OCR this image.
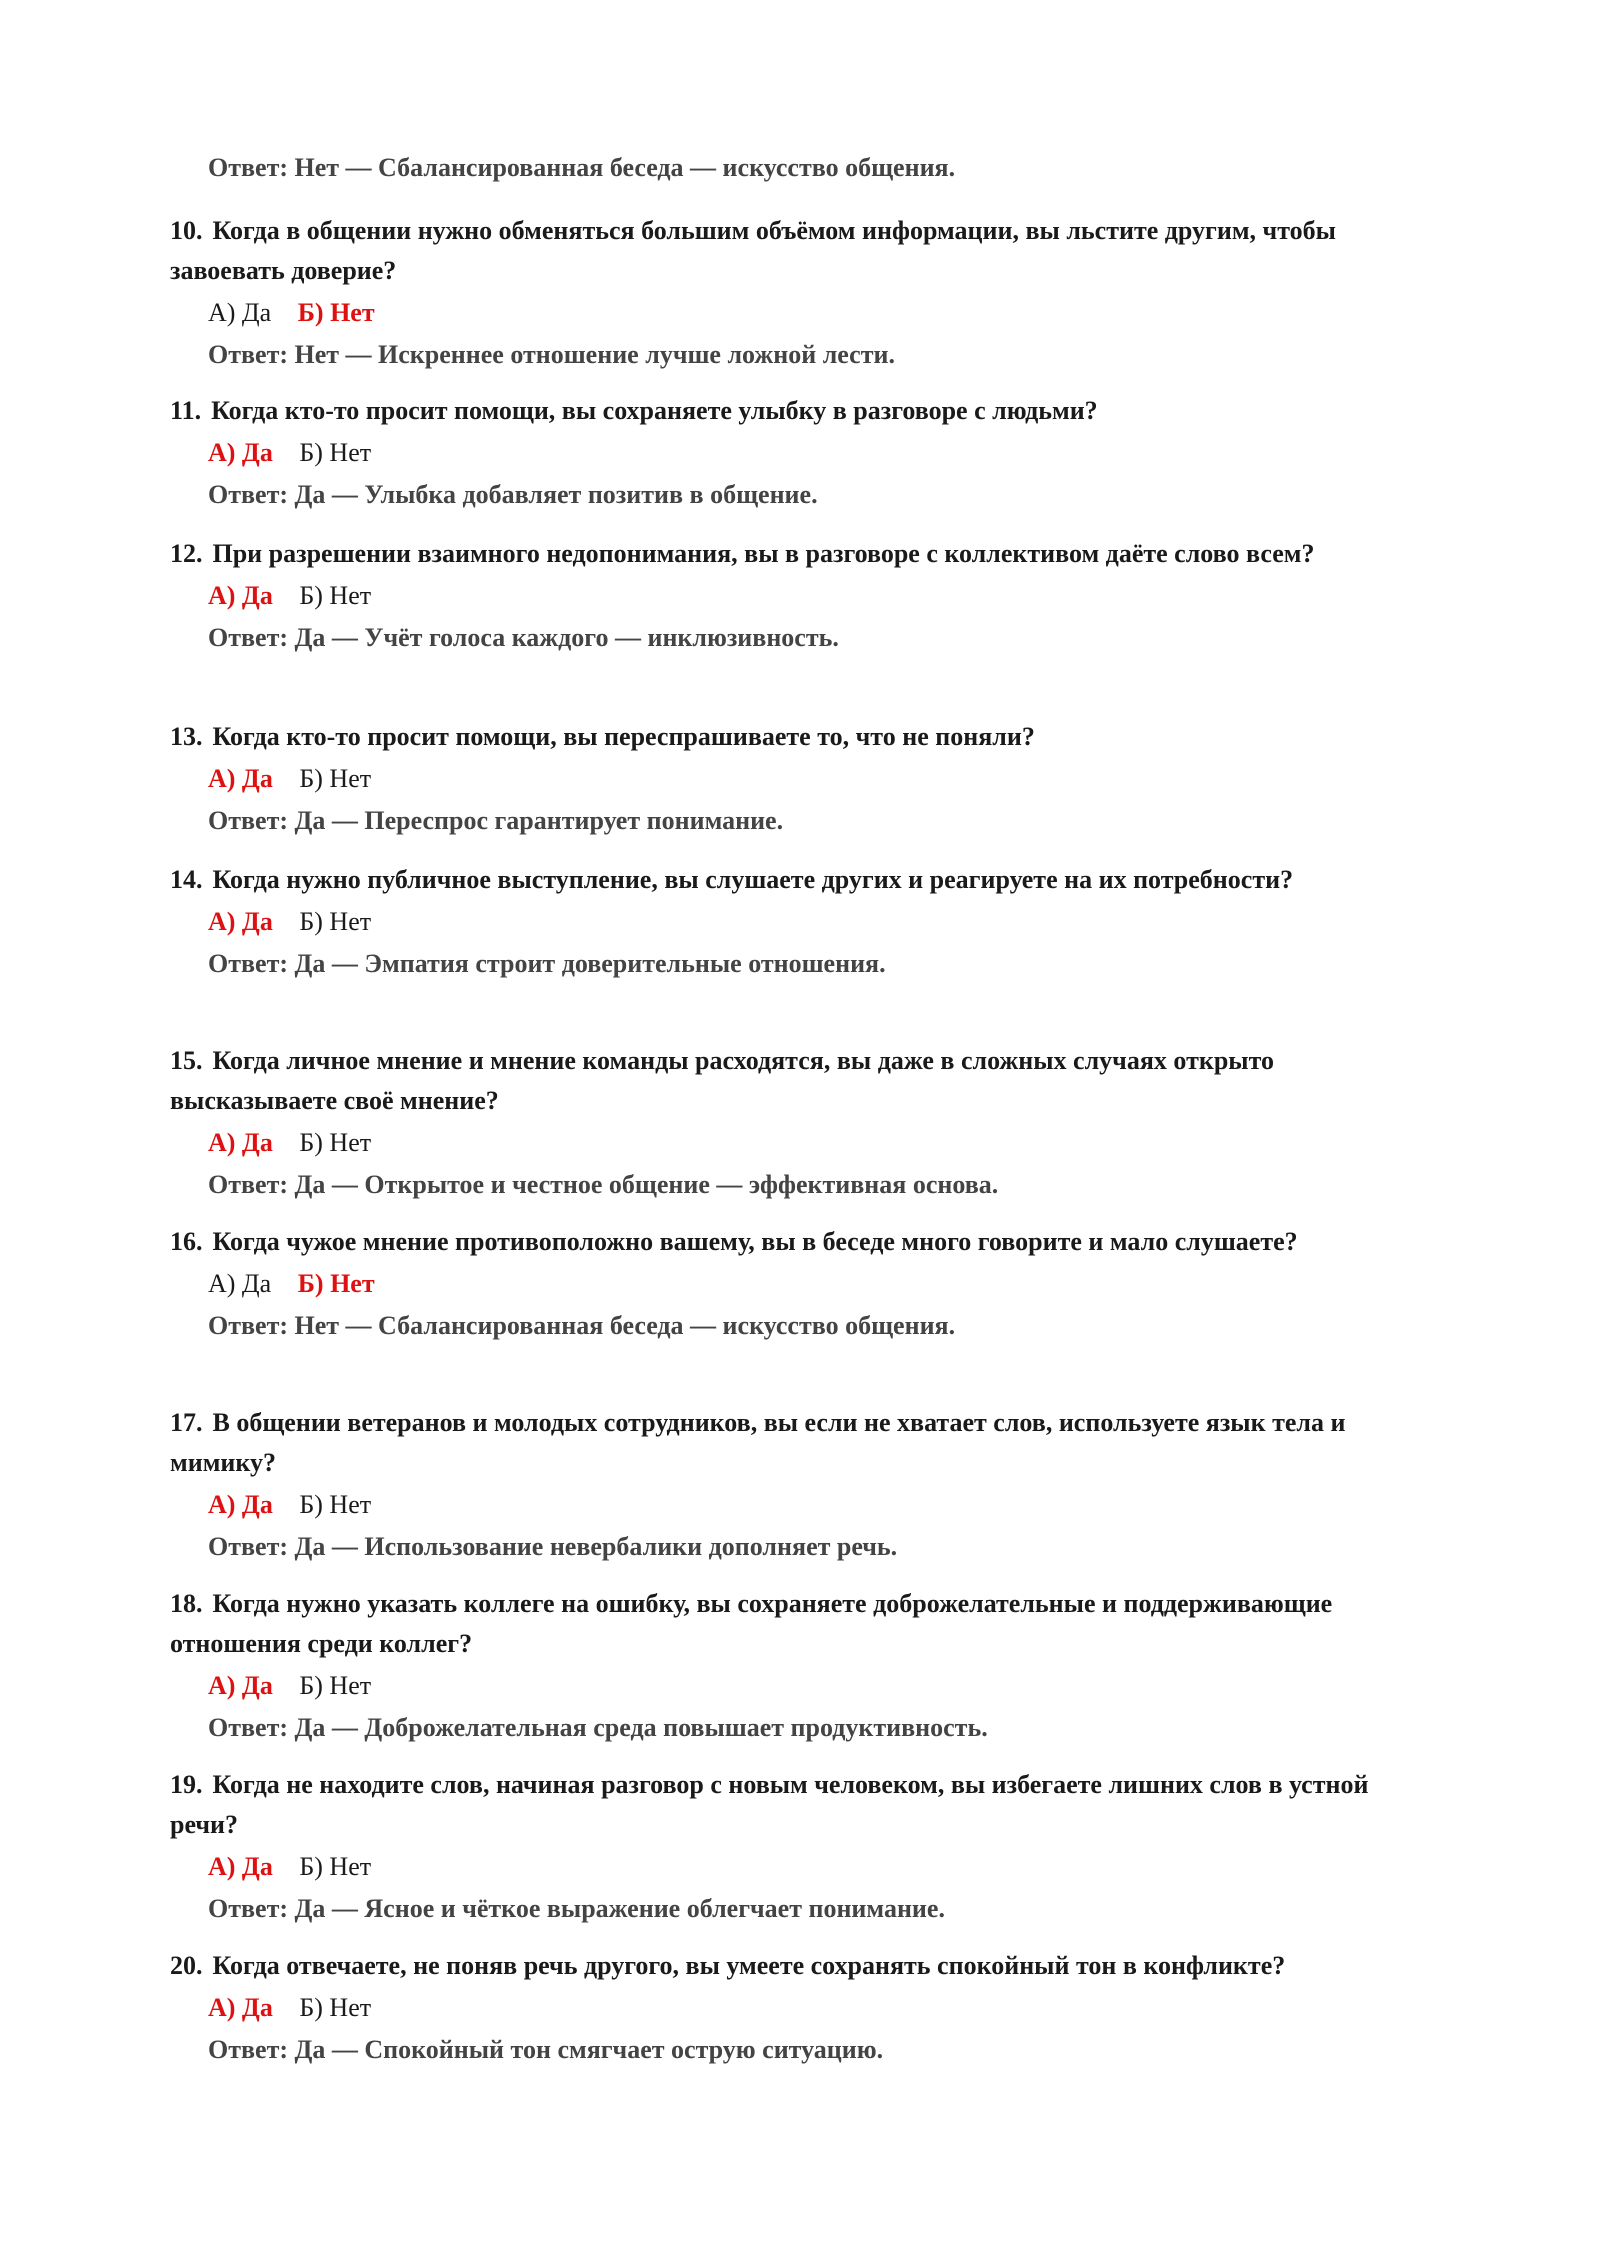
Ответ: Нет — Сбалансированная беседа — искусство общения.
10. Когда в общении нужно обменяться большим объёмом информации, вы льстите другим, чтобы завоевать доверие?
А) Да Б) Нет
Ответ: Нет — Искреннее отношение лучше ложной лести.
11. Когда кто-то просит помощи, вы сохраняете улыбку в разговоре с людьми?
А) Да Б) Нет
Ответ: Да — Улыбка добавляет позитив в общение.
12. При разрешении взаимного недопонимания, вы в разговоре с коллективом даёте слово всем?
А) Да Б) Нет
Ответ: Да — Учёт голоса каждого — инклюзивность.
13. Когда кто-то просит помощи, вы переспрашиваете то, что не поняли?
А) Да Б) Нет
Ответ: Да — Переспрос гарантирует понимание.
14. Когда нужно публичное выступление, вы слушаете других и реагируете на их потребности?
А) Да Б) Нет
Ответ: Да — Эмпатия строит доверительные отношения.
15. Когда личное мнение и мнение команды расходятся, вы даже в сложных случаях открыто высказываете своё мнение?
А) Да Б) Нет
Ответ: Да — Открытое и честное общение — эффективная основа.
16. Когда чужое мнение противоположно вашему, вы в беседе много говорите и мало слушаете?
А) Да Б) Нет
Ответ: Нет — Сбалансированная беседа — искусство общения.
17. В общении ветеранов и молодых сотрудников, вы если не хватает слов, используете язык тела и мимику?
А) Да Б) Нет
Ответ: Да — Использование невербалики дополняет речь.
18. Когда нужно указать коллеге на ошибку, вы сохраняете доброжелательные и поддерживающие отношения среди коллег?
А) Да Б) Нет
Ответ: Да — Доброжелательная среда повышает продуктивность.
19. Когда не находите слов, начиная разговор с новым человеком, вы избегаете лишних слов в устной речи?
А) Да Б) Нет
Ответ: Да — Ясное и чёткое выражение облегчает понимание.
20. Когда отвечаете, не поняв речь другого, вы умеете сохранять спокойный тон в конфликте?
А) Да Б) Нет
Ответ: Да — Спокойный тон смягчает острую ситуацию.
